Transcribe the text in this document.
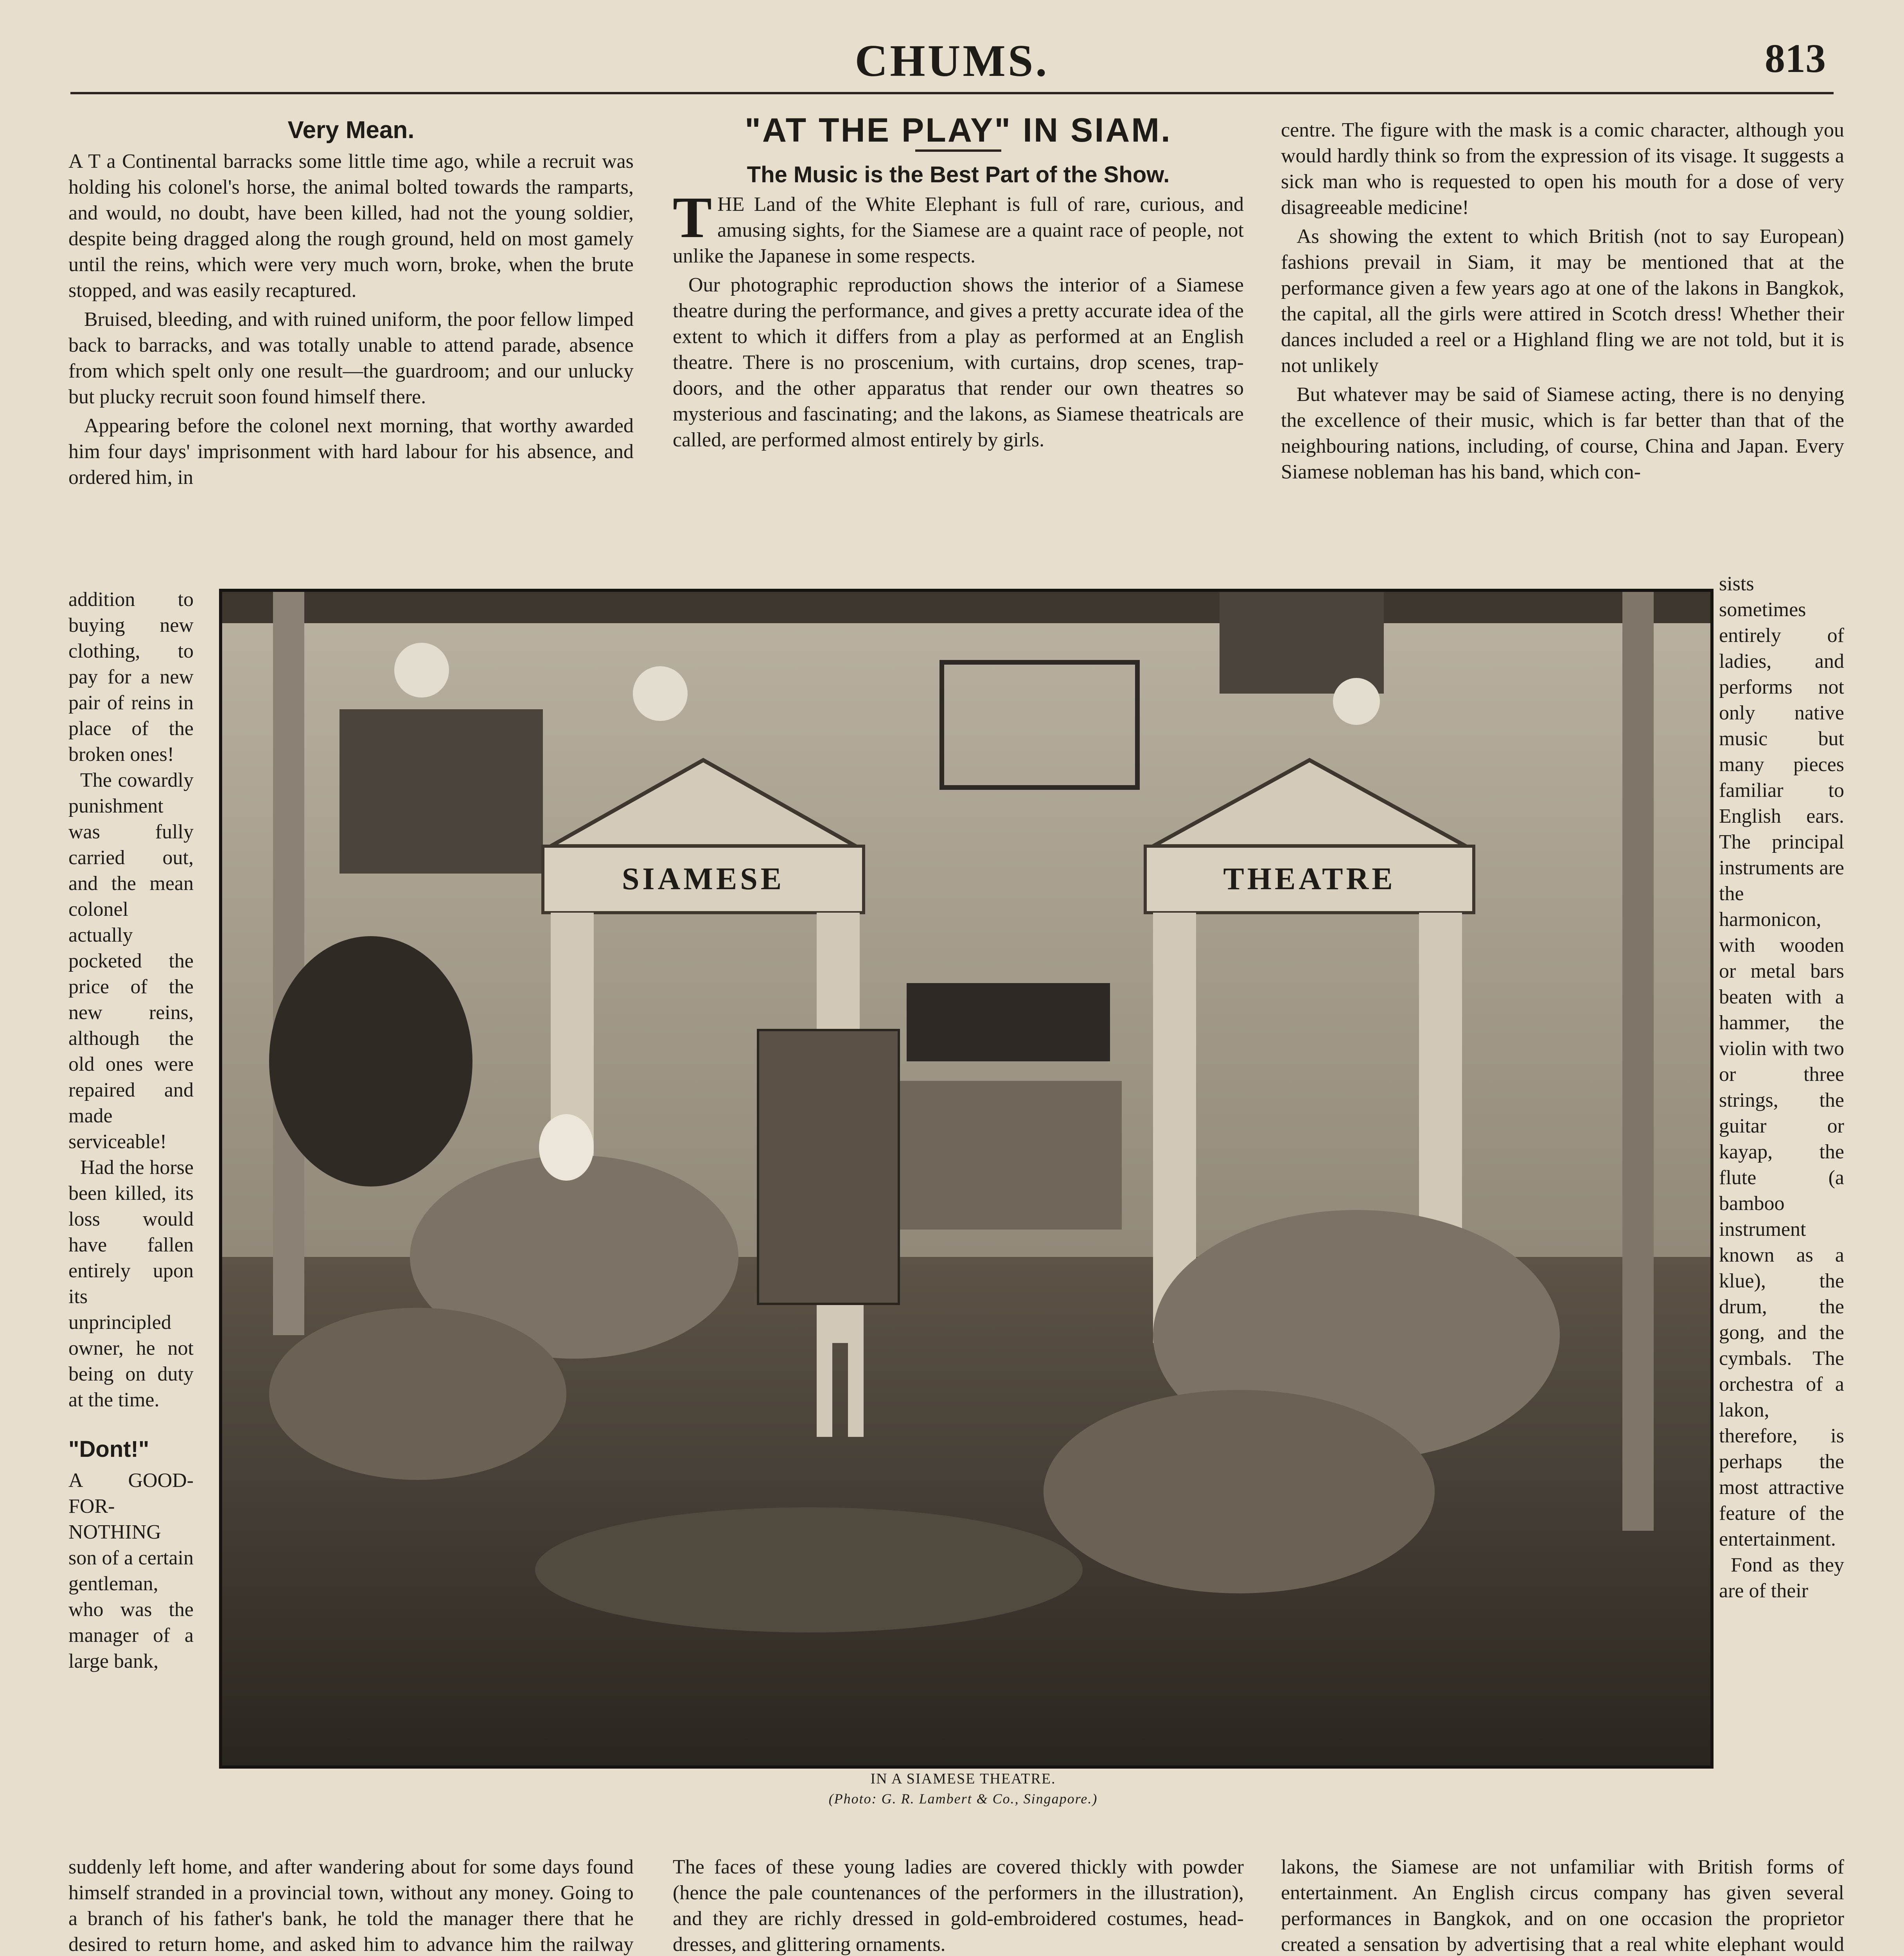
CHUMS.	813
Very Mean.

A T a Continental barracks some little time ago, while a recruit was holding his colonel's horse, the animal bolted towards the ramparts, and would, no doubt, have been killed, had not the young soldier, despite being dragged along the rough ground, held on most gamely until the reins, which were very much worn, broke, when the brute stopped, and was easily recaptured.

Bruised, bleeding, and with ruined uniform, the poor fellow limped back to barracks, and was totally unable to attend parade, absence from which spelt only one result—the guardroom; and our unlucky but plucky recruit soon found himself there.

Appearing before the colonel next morning, that worthy awarded him four days' imprisonment with hard labour for his absence, and ordered him, in

addition to buying new clothing, to pay for a new pair of reins in place of the broken ones!
The cowardly punishment was fully carried out, and the mean colonel actually pocketed the price of the new reins, although the old ones were repaired and made serviceable!
Had the horse been killed, its loss would have fallen entirely upon its unprincipled owner, he not being on duty at the time.
"Dont!"
A GOOD-FOR-NOTHING son of a certain gentleman, who was the manager of a large bank,

suddenly left home, and after wandering about for some days found himself stranded in a provincial town, without any money. Going to a branch of his father's bank, he told the manager there that he desired to return home, and asked him to advance him the railway

"AT THE PLAY" IN SIAM.
The Music is the Best Part of the Show.

T HE Land of the White Elephant is full of rare, curious, and amusing sights, for the Siamese are a quaint race of people, not unlike the Japanese in some respects.

Our photographic reproduction shows the interior of a Siamese theatre during the performance, and gives a pretty accurate idea of the extent to which it differs from a play as performed at an English theatre. There is no proscenium, with curtains, drop scenes, trap-doors, and the other apparatus that render our own theatres so mysterious and fascinating; and the lakons, as Siamese theatricals are called, are performed almost entirely by girls.

The faces of these young ladies are covered thickly with powder (hence the pale countenances of the performers in the illustration), and they are richly dressed in gold-embroidered costumes, head-dresses, and glittering ornaments.

centre. The figure with the mask is a comic character, although you would hardly think so from the expression of its visage. It suggests a sick man who is requested to open his mouth for a dose of very disagreeable medicine!

As showing the extent to which British (not to say European) fashions prevail in Siam, it may be mentioned that at the performance given a few years ago at one of the lakons in Bangkok, the capital, all the girls were attired in Scotch dress! Whether their dances included a reel or a Highland fling we are not told, but it is not unlikely

But whatever may be said of Siamese acting, there is no denying the excellence of their music, which is far better than that of the neighbouring nations, including, of course, China and Japan. Every Siamese nobleman has his band, which con-

sists sometimes entirely of ladies, and performs not only native music but many pieces familiar to English ears. The principal instruments are the harmonicon, with wooden or metal bars beaten with a hammer, the violin with two or three strings, the guitar or kayap, the flute (a bamboo instrument known as a klue), the drum, the gong, and the cymbals. The orchestra of a lakon, therefore, is perhaps the most attractive feature of the entertainment.
Fond as they are of their

lakons, the Siamese are not unfamiliar with British forms of entertainment. An English circus company has given several performances in Bangkok, and on one occasion the proprietor created a sensation by advertising that a real white elephant would

SIAMESE	THEATRE
IN A SIAMESE THEATRE.
(Photo: G. R. Lambert & Co., Singapore.)
